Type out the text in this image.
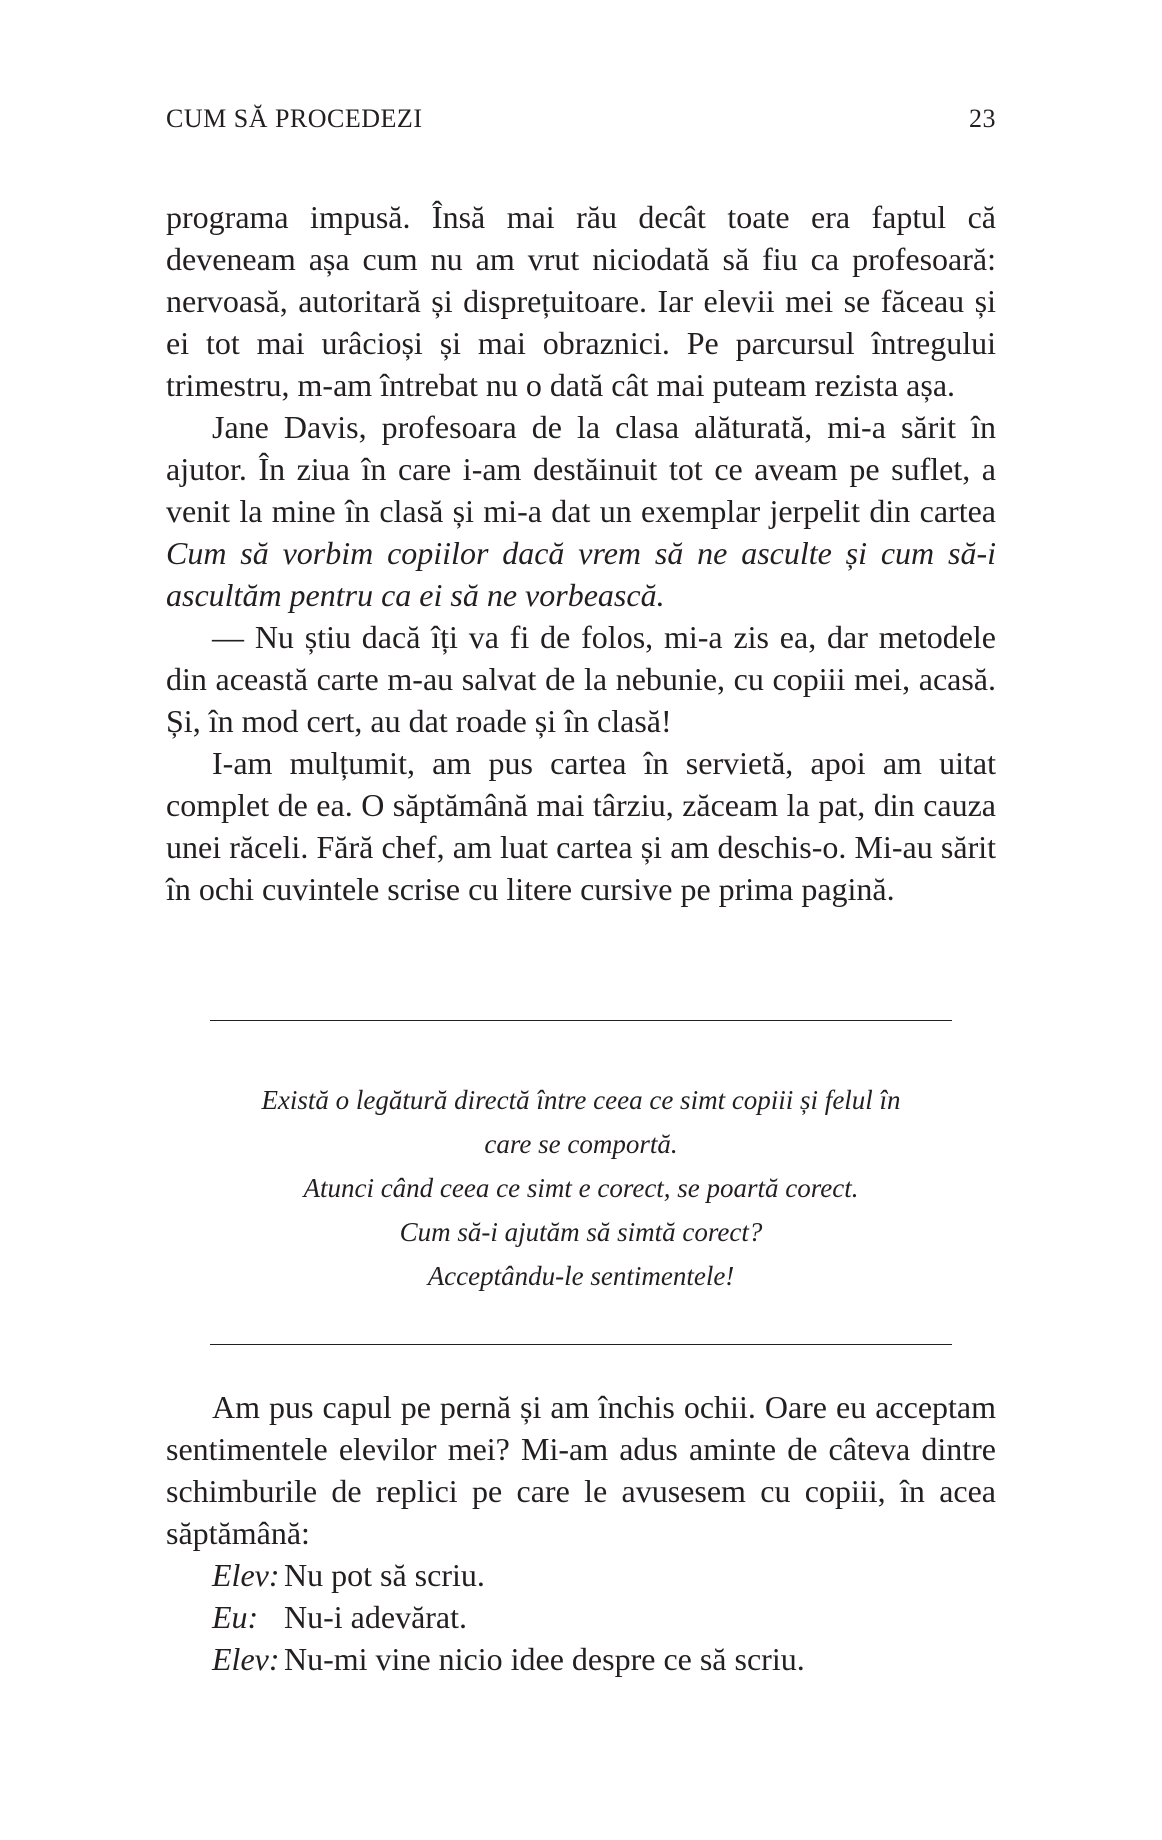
CUM SĂ PROCEDEZI	23

programa impusă. Însă mai rău decât toate era faptul că deveneam așa cum nu am vrut niciodată să fiu ca profesoară: nervoasă, autoritară și disprețuitoare. Iar elevii mei se făceau și ei tot mai urâcioși și mai obraznici. Pe parcursul întregului trimestru, m-am întrebat nu o dată cât mai puteam rezista așa.

Jane Davis, profesoara de la clasa alăturată, mi-a sărit în ajutor. În ziua în care i-am destăinuit tot ce aveam pe suflet, a venit la mine în clasă și mi-a dat un exemplar jerpelit din cartea Cum să vorbim copiilor dacă vrem să ne asculte și cum să-i ascultăm pentru ca ei să ne vorbească.

— Nu știu dacă îți va fi de folos, mi-a zis ea, dar metodele din această carte m-au salvat de la nebunie, cu copiii mei, acasă. Și, în mod cert, au dat roade și în clasă!

I-am mulțumit, am pus cartea în servietă, apoi am uitat complet de ea. O săptămână mai târziu, zăceam la pat, din cauza unei răceli. Fără chef, am luat cartea și am deschis-o. Mi-au sărit în ochi cuvintele scrise cu litere cursive pe prima pagină.

Există o legătură directă între ceea ce simt copiii și felul în
care se comportă.
Atunci când ceea ce simt e corect, se poartă corect.
Cum să-i ajutăm să simtă corect?
Acceptându-le sentimentele!

Am pus capul pe pernă și am închis ochii. Oare eu acceptam sentimentele elevilor mei? Mi-am adus aminte de câteva dintre schimburile de replici pe care le avusesem cu copiii, în acea săptămână:

Elev: Nu pot să scriu.
Eu: Nu-i adevărat.
Elev: Nu-mi vine nicio idee despre ce să scriu.
